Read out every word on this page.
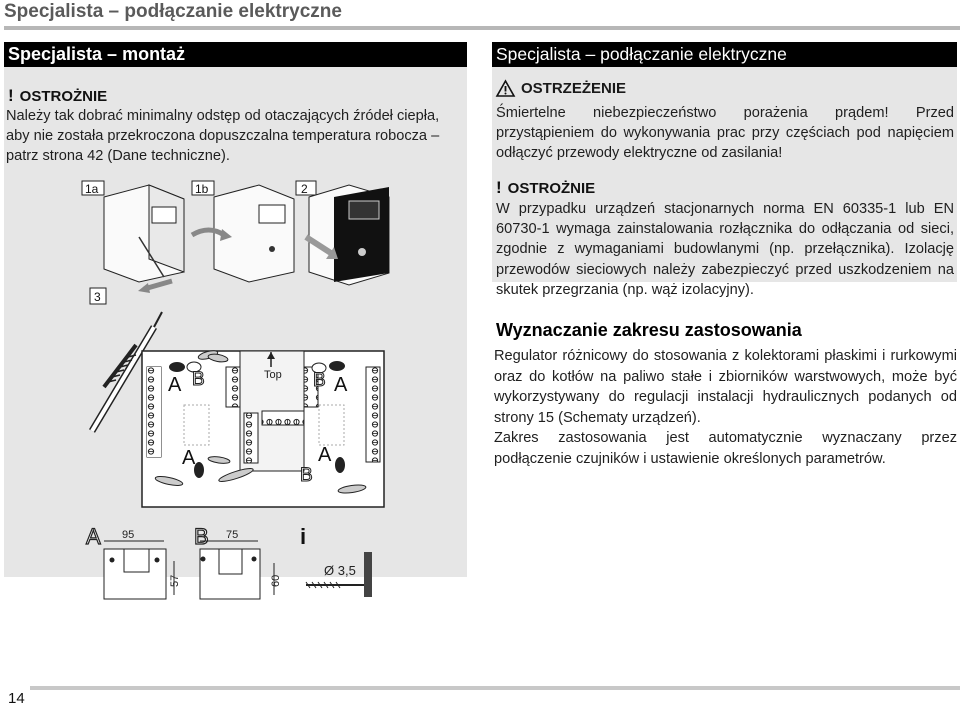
Specjalista – podłączanie elektryczne
Specjalista – montaż
! OSTROŻNIE
Należy tak dobrać minimalny odstęp od otaczających źródeł ciepła, aby nie została przekroczona dopuszczalna temperatura robocza – patrz strona 42 (Dane techniczne).
1a	1b	2
3
Top
A B	B A
A	A
B
A 95
57
B 75
60
i
Ø 3,5
Specjalista – podłączanie elektryczne
OSTRZEŻENIE
Śmiertelne niebezpieczeństwo porażenia prądem! Przed przystąpieniem do wykonywania prac przy częściach pod napięciem odłączyć przewody elektryczne od zasilania!
! OSTROŻNIE
W przypadku urządzeń stacjonarnych norma EN 60335-1 lub EN 60730-1 wymaga zainstalowania rozłącznika do odłączania od sieci, zgodnie z wymaganiami budowlanymi (np. przełącznika). Izolację przewodów sieciowych należy zabezpieczyć przed uszkodzeniem na skutek przegrzania (np. wąż izolacyjny).
Wyznaczanie zakresu zastosowania

Regulator różnicowy do stosowania z kolektorami płaskimi i rurkowymi oraz do kotłów na paliwo stałe i zbiorników warstwowych, może być wykorzystywany do regulacji instalacji hydraulicznych podanych od strony 15 (Schematy urządzeń).

Zakres zastosowania jest automatycznie wyznaczany przez podłączenie czujników i ustawienie określonych parametrów.

14
